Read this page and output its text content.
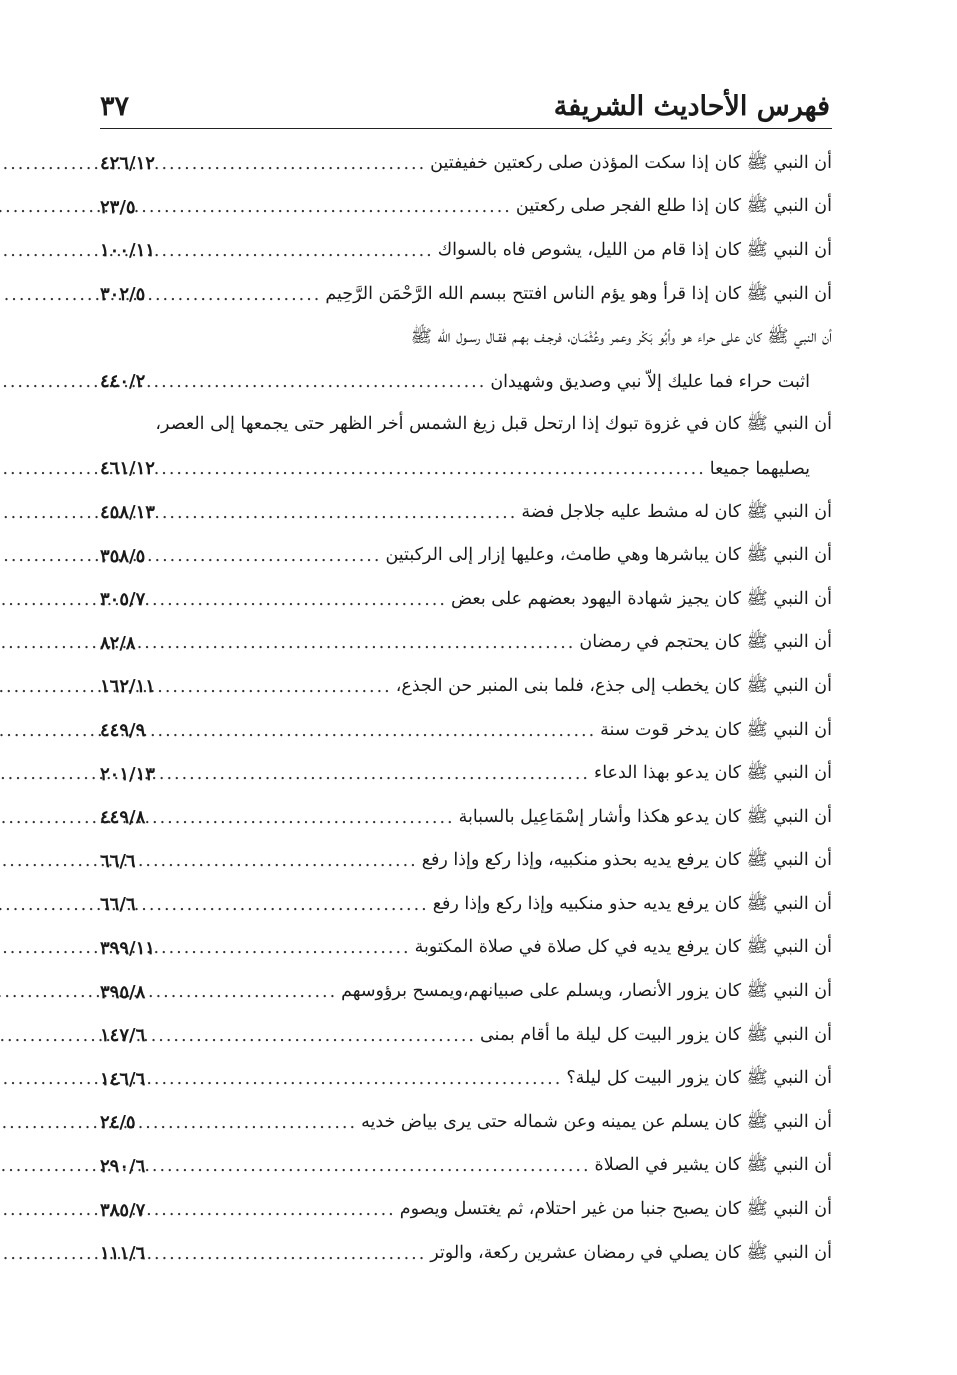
٣٧	فهرس الأحاديث الشريفة
أن النبي ﷺ كان إذا سكت المؤذن صلى ركعتين خفيفتين
.....
٤٢٦/١٢
أن النبي ﷺ كان إذا طلع الفجر صلى ركعتين
.....
٢٣/٥
أن النبي ﷺ كان إذا قام من الليل، يشوص فاه بالسواك
.....
١٠٠/١١
أن النبي ﷺ كان إذا قرأ وهو يؤم الناس افتتح ببسم الله الرَّحْمَن الرَّحِيم
.....
٣٠٢/٥
أن النبي ﷺ كان على حراء هو وأبُو بَكْر وعمر وعُثْمَـان، فرجـف بهـم فقـال رسـول الله ﷺ
اثبت حراء فما عليك إلاّ نبي وصديق وشهيدان
.....
٤٤٠/٢
أن النبي ﷺ كان في غزوة تبوك إذا ارتحل قبل زيغ الشمس أخر الظهر حتى يجمعها إلى العصر،
يصليهما جميعا
.....
٤٦١/١٢
أن النبي ﷺ كان له مشط عليه جلاجل فضة
.....
٤٥٨/١٣
أن النبي ﷺ كان يباشرها وهي طامث، وعليها إزار إلى الركبتين
.....
٣٥٨/٥
أن النبي ﷺ كان يجيز شهادة اليهود بعضهم على بعض
.....
٣٠٥/٧
أن النبي ﷺ كان يحتجم في رمضان
.....
٨٢/٨
أن النبي ﷺ كان يخطب إلى جذع، فلما بنى المنبر حن الجذع،
.....
١٦٢/١١
أن النبي ﷺ كان يدخر قوت سنة
.....
٤٤٩/٩
أن النبي ﷺ كان يدعو بهذا الدعاء
.....
٢٠١/١٣
أن النبي ﷺ كان يدعو هكذا وأشار إسْمَاعِيل بالسبابة
.....
٤٤٩/٨
أن النبي ﷺ كان يرفع يديه بحذو منكبيه، وإذا ركع وإذا رفع
.....
٦٦/٦
أن النبي ﷺ كان يرفع يديه حذو منكبيه وإذا ركع وإذا رفع
.....
٦٦/٦
أن النبي ﷺ كان يرفع يديه في كل صلاة في صلاة المكتوبة
.....
٣٩٩/١١
أن النبي ﷺ كان يزور الأنصار، ويسلم على صبيانهم،ويمسح برؤوسهم
.....
٣٩٥/٨
أن النبي ﷺ كان يزور البيت كل ليلة ما أقام بمنى
.....
١٤٧/٦
أن النبي ﷺ كان يزور البيت كل ليلة؟
.....
١٤٦/٦
أن النبي ﷺ كان يسلم عن يمينه وعن شماله حتى يرى بياض خديه
.....
٢٤/٥
أن النبي ﷺ كان يشير في الصلاة
.....
٢٩٠/٦
أن النبي ﷺ كان يصبح جنبا من غير احتلام، ثم يغتسل ويصوم
.....
٣٨٥/٧
أن النبي ﷺ كان يصلي في رمضان عشرين ركعة، والوتر
.....
١١١/٦
